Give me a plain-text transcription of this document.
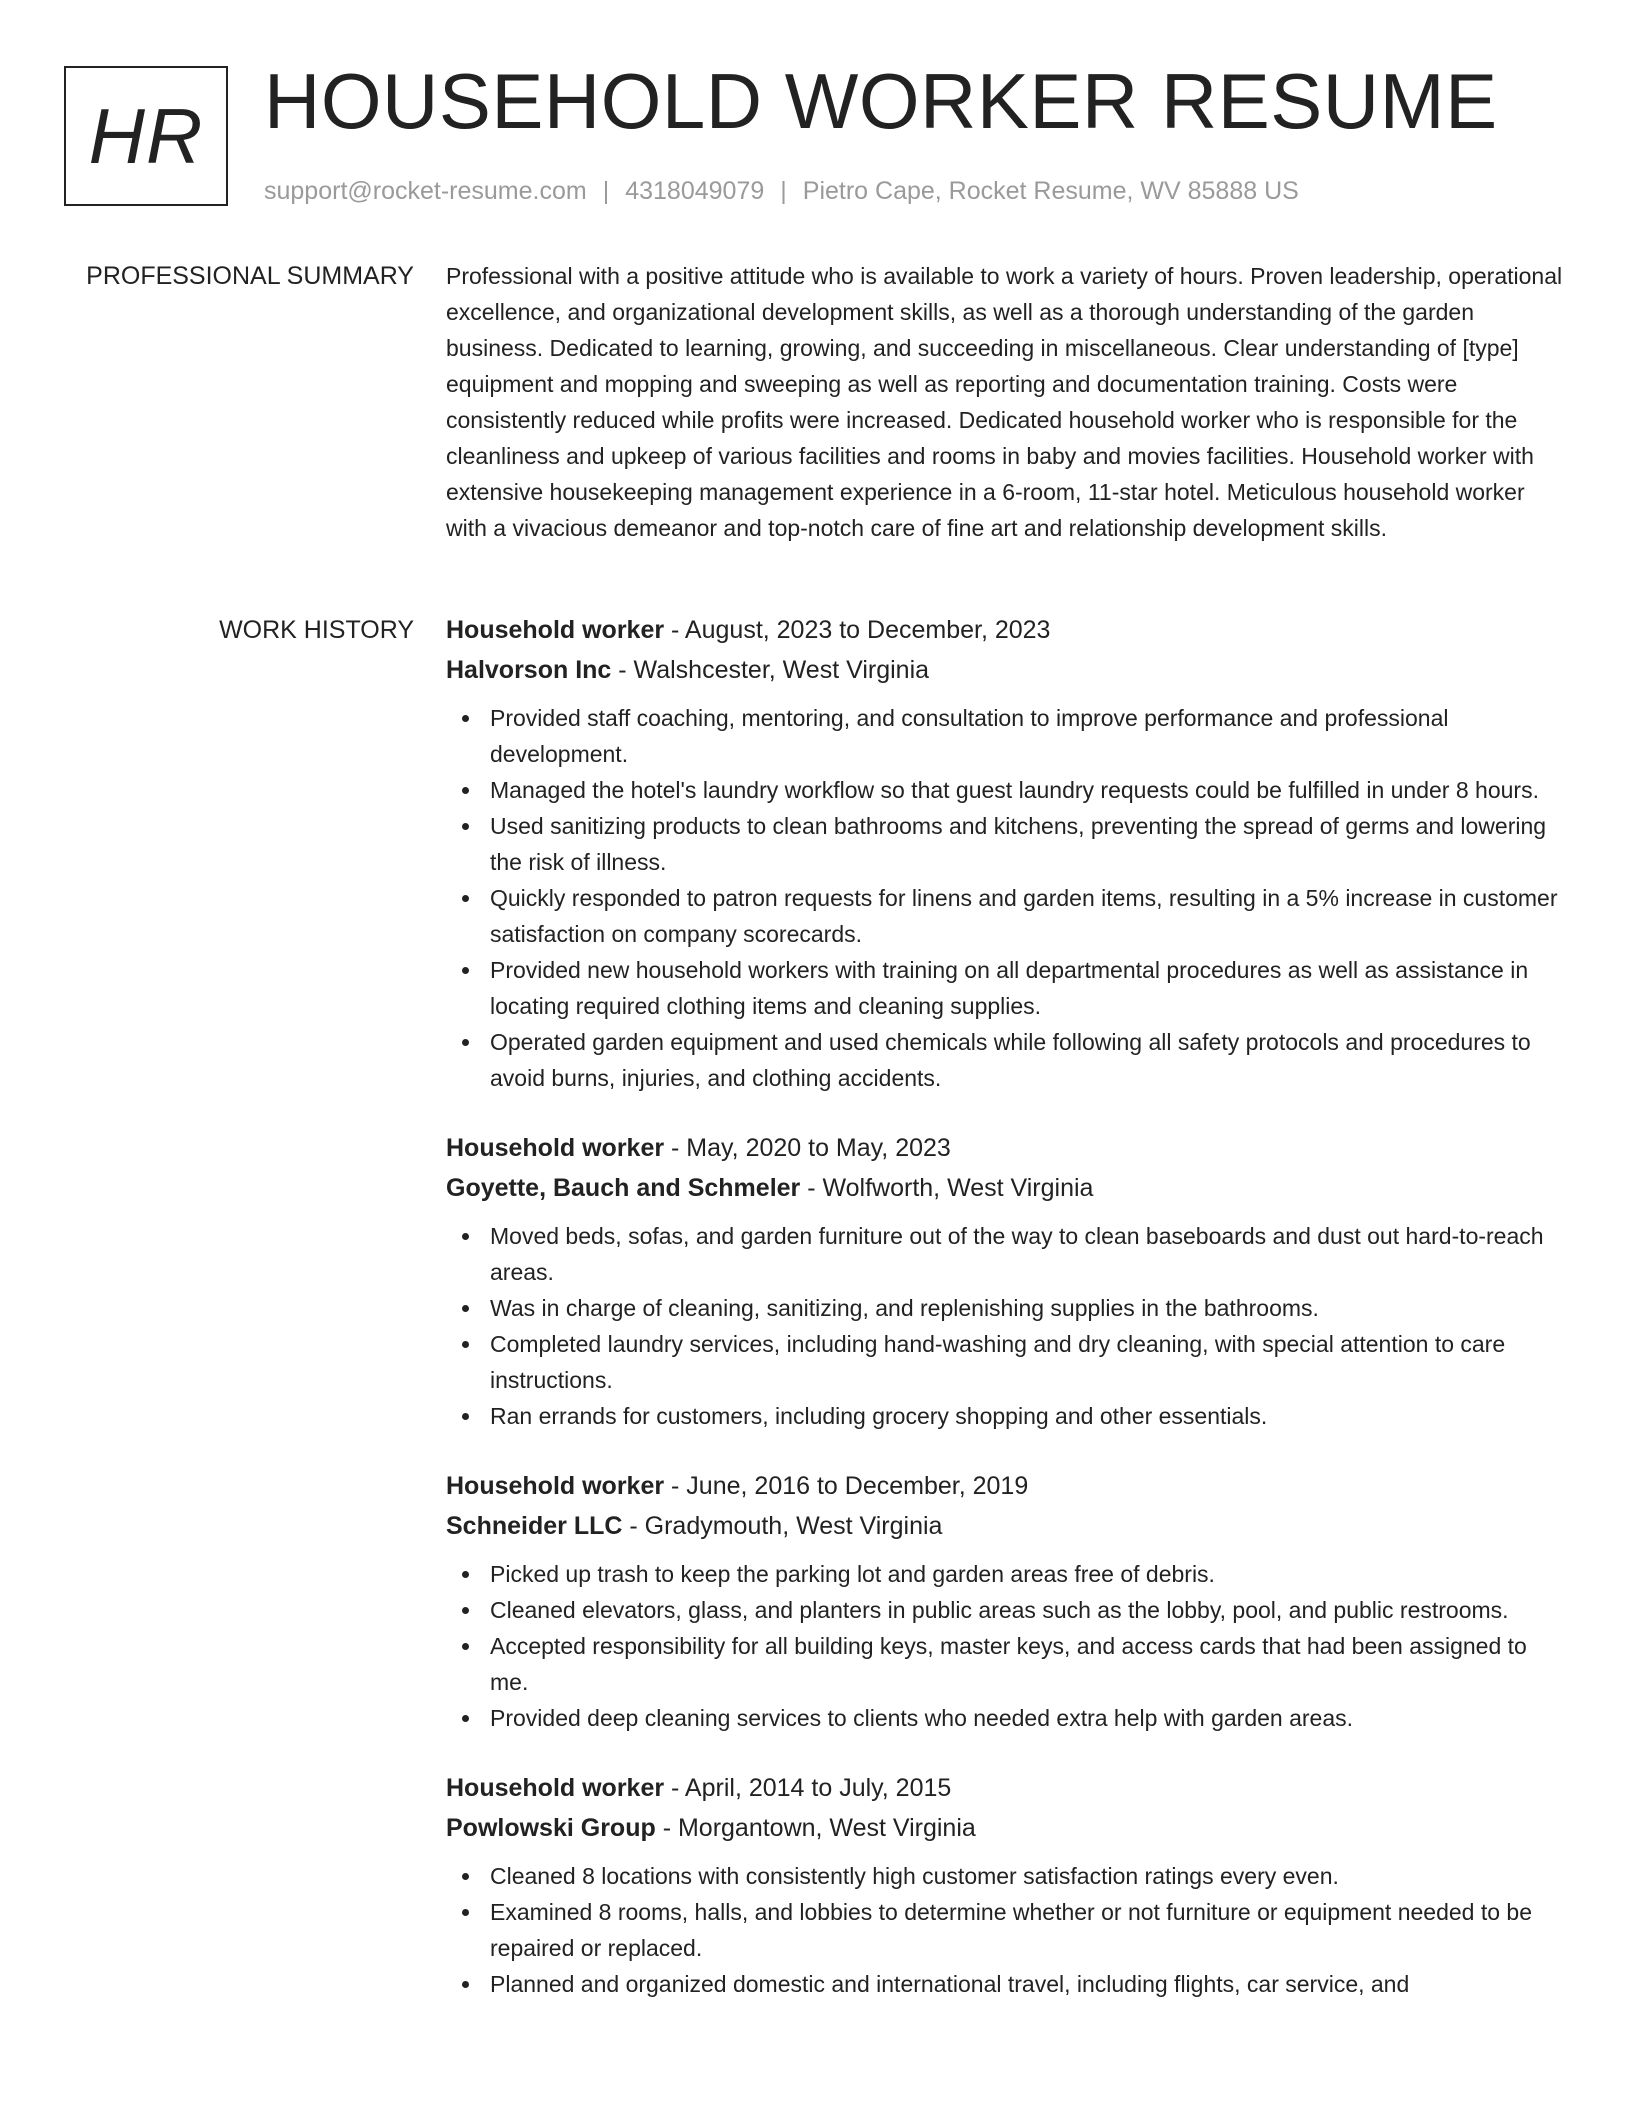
HR HOUSEHOLD WORKER RESUME
support@rocket-resume.com | 4318049079 | Pietro Cape, Rocket Resume, WV 85888 US
PROFESSIONAL SUMMARY Professional with a positive attitude who is available to work a variety of hours. Proven leadership, operational excellence, and organizational development skills, as well as a thorough understanding of the garden business. Dedicated to learning, growing, and succeeding in miscellaneous. Clear understanding of [type] equipment and mopping and sweeping as well as reporting and documentation training. Costs were consistently reduced while profits were increased. Dedicated household worker who is responsible for the cleanliness and upkeep of various facilities and rooms in baby and movies facilities. Household worker with extensive housekeeping management experience in a 6-room, 11-star hotel. Meticulous household worker with a vivacious demeanor and top-notch care of fine art and relationship development skills.

WORK HISTORY Household worker - August, 2023 to December, 2023
Halvorson Inc - Walshcester, West Virginia
Provided staff coaching, mentoring, and consultation to improve performance and professional development.
Managed the hotel's laundry workflow so that guest laundry requests could be fulfilled in under 8 hours.
Used sanitizing products to clean bathrooms and kitchens, preventing the spread of germs and lowering the risk of illness.
Quickly responded to patron requests for linens and garden items, resulting in a 5% increase in customer satisfaction on company scorecards.
Provided new household workers with training on all departmental procedures as well as assistance in locating required clothing items and cleaning supplies.
Operated garden equipment and used chemicals while following all safety protocols and procedures to avoid burns, injuries, and clothing accidents.
Household worker - May, 2020 to May, 2023
Goyette, Bauch and Schmeler - Wolfworth, West Virginia
Moved beds, sofas, and garden furniture out of the way to clean baseboards and dust out hard-to-reach areas.
Was in charge of cleaning, sanitizing, and replenishing supplies in the bathrooms.
Completed laundry services, including hand-washing and dry cleaning, with special attention to care instructions.
Ran errands for customers, including grocery shopping and other essentials.
Household worker - June, 2016 to December, 2019
Schneider LLC - Gradymouth, West Virginia
Picked up trash to keep the parking lot and garden areas free of debris.
Cleaned elevators, glass, and planters in public areas such as the lobby, pool, and public restrooms.
Accepted responsibility for all building keys, master keys, and access cards that had been assigned to me.
Provided deep cleaning services to clients who needed extra help with garden areas.
Household worker - April, 2014 to July, 2015
Powlowski Group - Morgantown, West Virginia
Cleaned 8 locations with consistently high customer satisfaction ratings every even.
Examined 8 rooms, halls, and lobbies to determine whether or not furniture or equipment needed to be repaired or replaced.
Planned and organized domestic and international travel, including flights, car service, and
